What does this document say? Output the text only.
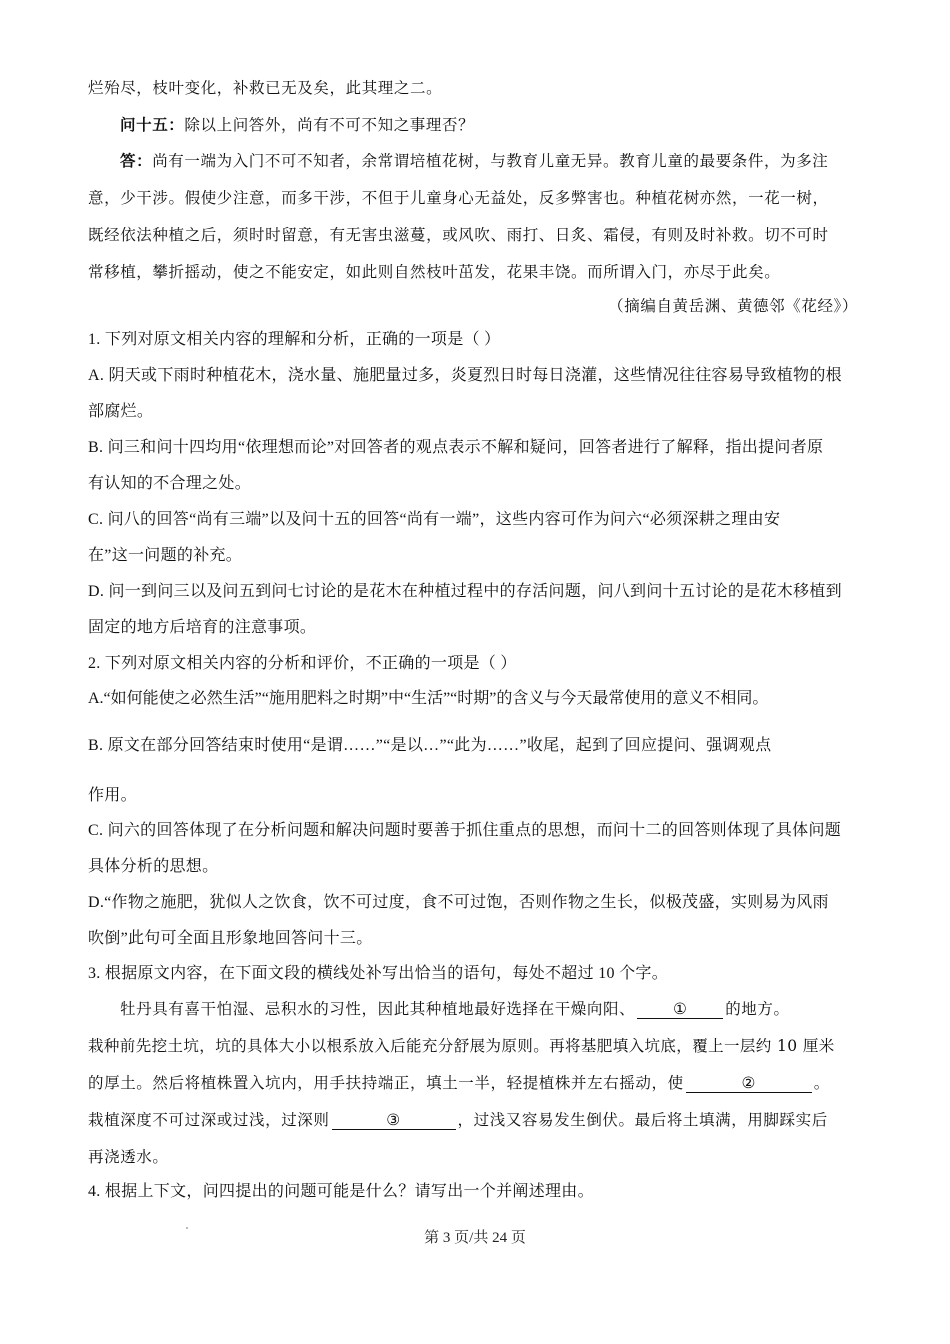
烂殆尽，枝叶变化，补救已无及矣，此其理之二。
问十五：除以上问答外，尚有不可不知之事理否？
答：尚有一端为入门不可不知者，余常谓培植花树，与教育儿童无异。教育儿童的最要条件，为多注
意，少干涉。假使少注意，而多干涉，不但于儿童身心无益处，反多弊害也。种植花树亦然，一花一树，
既经依法种植之后，须时时留意，有无害虫滋蔓，或风吹、雨打、日炙、霜侵，有则及时补救。切不可时
常移植，攀折摇动，使之不能安定，如此则自然枝叶茁发，花果丰饶。而所谓入门，亦尽于此矣。
（摘编自黄岳渊、黄德邻《花经》）
1. 下列对原文相关内容的理解和分析，正确的一项是（ ）
A. 阴天或下雨时种植花木，浇水量、施肥量过多，炎夏烈日时每日浇灌，这些情况往往容易导致植物的根
部腐烂。
B. 问三和问十四均用“依理想而论”对回答者的观点表示不解和疑问，回答者进行了解释，指出提问者原
有认知的不合理之处。
C. 问八的回答“尚有三端”以及问十五的回答“尚有一端”，这些内容可作为问六“必须深耕之理由安
在”这一问题的补充。
D. 问一到问三以及问五到问七讨论的是花木在种植过程中的存活问题，问八到问十五讨论的是花木移植到
固定的地方后培育的注意事项。
2. 下列对原文相关内容的分析和评价，不正确的一项是（ ）
A.“如何能使之必然生活”“施用肥料之时期”中“生活”“时期”的含义与今天最常使用的意义不相同。
B. 原文在部分回答结束时使用“是谓……”“是以…”“此为……”收尾，起到了回应提问、强调观点
作用。
C. 问六的回答体现了在分析问题和解决问题时要善于抓住重点的思想，而问十二的回答则体现了具体问题
具体分析的思想。
D.“作物之施肥，犹似人之饮食，饮不可过度，食不可过饱，否则作物之生长，似极茂盛，实则易为风雨
吹倒”此句可全面且形象地回答问十三。
3. 根据原文内容，在下面文段的横线处补写出恰当的语句，每处不超过 10 个字。
牡丹具有喜干怕湿、忌积水的习性，因此其种植地最好选择在干燥向阳、 ① 的地方。
栽种前先挖土坑，坑的具体大小以根系放入后能充分舒展为原则。再将基肥填入坑底，覆上一层约 10 厘米
的厚土。然后将植株置入坑内，用手扶持端正，填土一半，轻提植株并左右摇动，使	②	。
栽植深度不可过深或过浅，过深则	③	，过浅又容易发生倒伏。最后将土填满，用脚踩实后
再浇透水。
4. 根据上下文，问四提出的问题可能是什么？请写出一个并阐述理由。
第 3 页/共 24 页
